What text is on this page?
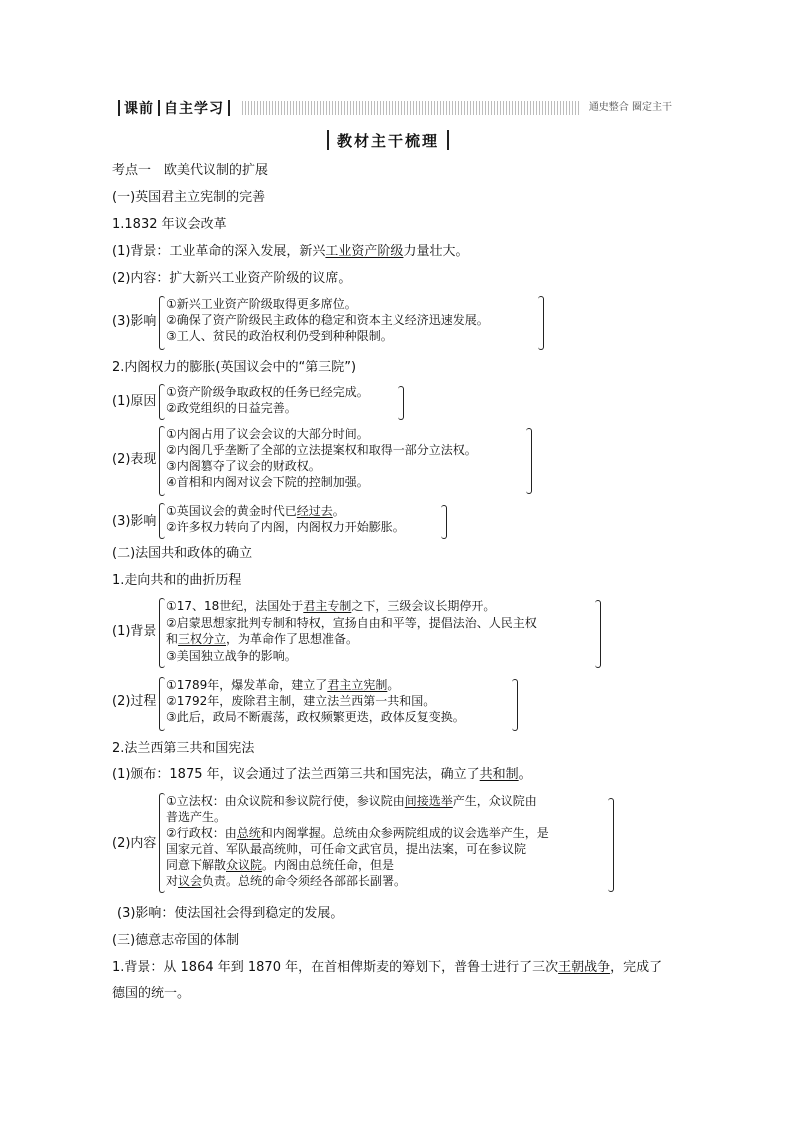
课前 自主学习	通史整合 圈定主干
教材主干梳理
考点一　欧美代议制的扩展
(一)英国君主立宪制的完善
1.1832 年议会改革
(1)背景：工业革命的深入发展，新兴工业资产阶级力量壮大。
(2)内容：扩大新兴工业资产阶级的议席。
(3)影响
①新兴工业资产阶级取得更多席位。
②确保了资产阶级民主政体的稳定和资本主义经济迅速发展。
③工人、贫民的政治权利仍受到种种限制。
2.内阁权力的膨胀(英国议会中的“第三院”)
(1)原因
①资产阶级争取政权的任务已经完成。
②政党组织的日益完善。
(2)表现
①内阁占用了议会会议的大部分时间。
②内阁几乎垄断了全部的立法提案权和取得一部分立法权。
③内阁篡夺了议会的财政权。
④首相和内阁对议会下院的控制加强。
(3)影响
①英国议会的黄金时代已经过去。
②许多权力转向了内阁，内阁权力开始膨胀。
(二)法国共和政体的确立
1.走向共和的曲折历程
(1)背景
①17、18世纪，法国处于君主专制之下，三级会议长期停开。
②启蒙思想家批判专制和特权，宣扬自由和平等，提倡法治、人民主权
和三权分立，为革命作了思想准备。
③美国独立战争的影响。
(2)过程
①1789年，爆发革命，建立了君主立宪制。
②1792年，废除君主制，建立法兰西第一共和国。
③此后，政局不断震荡，政权频繁更迭，政体反复变换。
2.法兰西第三共和国宪法
(1)颁布：1875 年，议会通过了法兰西第三共和国宪法，确立了共和制。
(2)内容
①立法权：由众议院和参议院行使，参议院由间接选举产生，众议院由
普选产生。
②行政权：由总统和内阁掌握。总统由众参两院组成的议会选举产生，是
国家元首、军队最高统帅，可任命文武官员，提出法案，可在参议院
同意下解散众议院。内阁由总统任命，但是
对议会负责。总统的命令须经各部部长副署。
(3)影响：使法国社会得到稳定的发展。
(三)德意志帝国的体制
1.背景：从 1864 年到 1870 年，在首相俾斯麦的筹划下，普鲁士进行了三次王朝战争，完成了
德国的统一。
